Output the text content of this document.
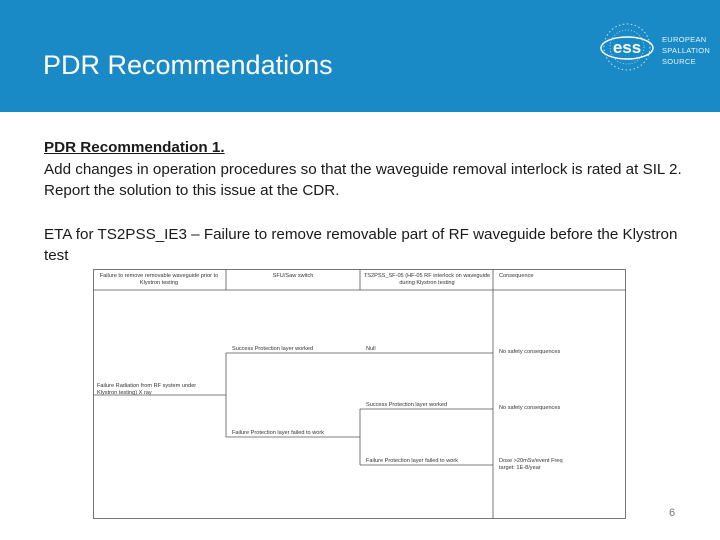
PDR Recommendations
ess	EUROPEAN
SPALLATION
SOURCE

PDR Recommendation 1.

Add changes in operation procedures so that the waveguide removal interlock is rated at SIL 2. Report the solution to this issue at the CDR.

ETA for TS2PSS_IE3 – Failure to remove removable part of RF waveguide before the Klystron test

Failure to remove removable waveguide prior to Klystron testing
SFU/Saw switch	TS2PSS_SF-05 (HF-05 RF interlock on waveguide during Klystron testing
Consequence
Failure Radiation from RF system under Klystron testing) X ray
Success Protection layer worked
Failure Protection layer failed to work
Null
Success Protection layer worked
Failure Protection layer failed to work
No safety consequences
No safety consequences
Dose >20mSv/event Freq target: 1E-8/year
6
